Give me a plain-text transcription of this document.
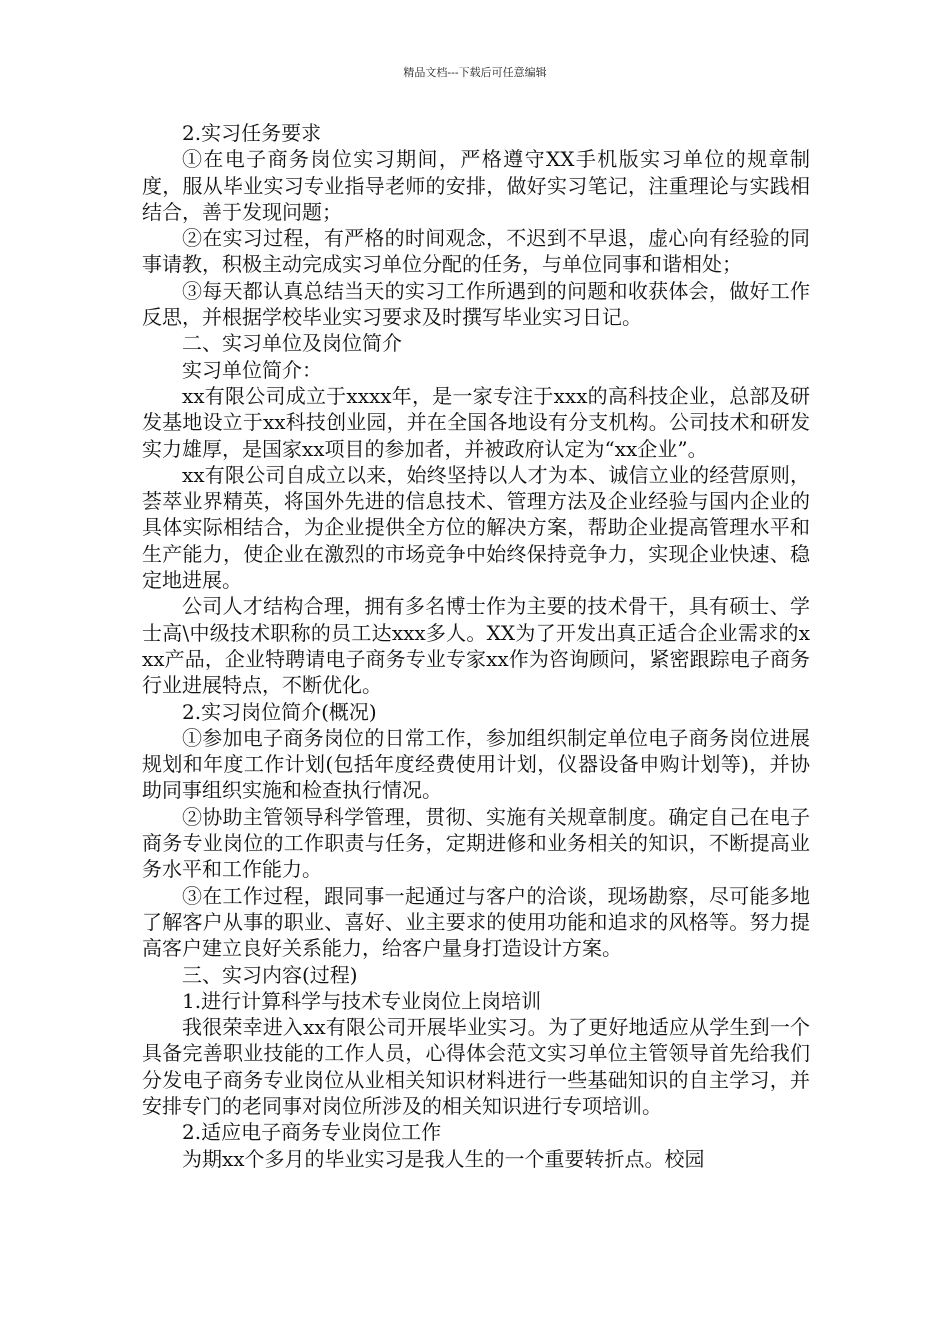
精品文档---下载后可任意编辑

2.实习任务要求

①在电子商务岗位实习期间，严格遵守XX手机版实习单位的规章制度，服从毕业实习专业指导老师的安排，做好实习笔记，注重理论与实践相结合，善于发现问题；

②在实习过程，有严格的时间观念，不迟到不早退，虚心向有经验的同事请教，积极主动完成实习单位分配的任务，与单位同事和谐相处；

③每天都认真总结当天的实习工作所遇到的问题和收获体会，做好工作反思，并根据学校毕业实习要求及时撰写毕业实习日记。

二、实习单位及岗位简介

实习单位简介：

xx有限公司成立于xxxx年，是一家专注于xxx的高科技企业，总部及研发基地设立于xx科技创业园，并在全国各地设有分支机构。公司技术和研发实力雄厚，是国家xx项目的参加者，并被政府认定为“xx企业”。

xx有限公司自成立以来，始终坚持以人才为本、诚信立业的经营原则，荟萃业界精英，将国外先进的信息技术、管理方法及企业经验与国内企业的具体实际相结合，为企业提供全方位的解决方案，帮助企业提高管理水平和生产能力，使企业在激烈的市场竞争中始终保持竞争力，实现企业快速、稳定地进展。

公司人才结构合理，拥有多名博士作为主要的技术骨干，具有硕士、学士高\中级技术职称的员工达xxx多人。XX为了开发出真正适合企业需求的xxx产品，企业特聘请电子商务专业专家xx作为咨询顾问，紧密跟踪电子商务行业进展特点，不断优化。

2.实习岗位简介(概况)

①参加电子商务岗位的日常工作，参加组织制定单位电子商务岗位进展规划和年度工作计划(包括年度经费使用计划，仪器设备申购计划等)，并协助同事组织实施和检查执行情况。

②协助主管领导科学管理，贯彻、实施有关规章制度。确定自己在电子商务专业岗位的工作职责与任务，定期进修和业务相关的知识，不断提高业务水平和工作能力。

③在工作过程，跟同事一起通过与客户的洽谈，现场勘察，尽可能多地了解客户从事的职业、喜好、业主要求的使用功能和追求的风格等。努力提高客户建立良好关系能力，给客户量身打造设计方案。

三、实习内容(过程)

1.进行计算科学与技术专业岗位上岗培训

我很荣幸进入xx有限公司开展毕业实习。为了更好地适应从学生到一个具备完善职业技能的工作人员，心得体会范文实习单位主管领导首先给我们分发电子商务专业岗位从业相关知识材料进行一些基础知识的自主学习，并安排专门的老同事对岗位所涉及的相关知识进行专项培训。

2.适应电子商务专业岗位工作

为期xx个多月的毕业实习是我人生的一个重要转折点。校园
